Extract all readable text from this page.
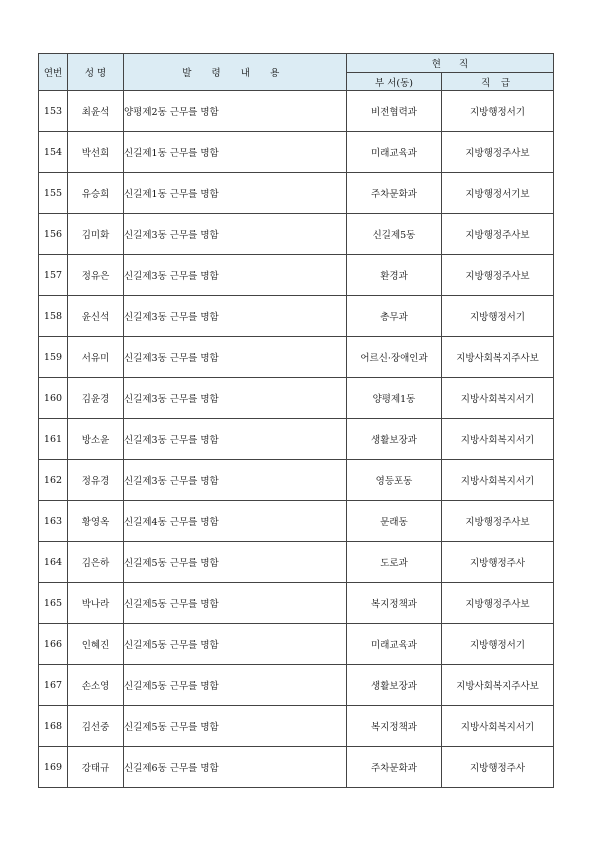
연번	성 명	발 령 내 용	현      직	
			부 서(동)	직 급
153	최윤석	양평제2동 근무를 명함	비전협력과	지방행정서기
154	박선희	신길제1동 근무를 명함	미래교육과	지방행정주사보
155	유승희	신길제1동 근무를 명함	주차문화과	지방행정서기보
156	김미화	신길제3동 근무를 명함	신길제5동	지방행정주사보
157	정유은	신길제3동 근무를 명함	환경과	지방행정주사보
158	윤신석	신길제3동 근무를 명함	총무과	지방행정서기
159	서유미	신길제3동 근무를 명함	어르신·장애인과	지방사회복지주사보
160	김윤경	신길제3동 근무를 명함	양평제1동	지방사회복지서기
161	방소윤	신길제3동 근무를 명함	생활보장과	지방사회복지서기
162	정유경	신길제3동 근무를 명함	영등포동	지방사회복지서기
163	황영옥	신길제4동 근무를 명함	문래동	지방행정주사보
164	김은하	신길제5동 근무를 명함	도로과	지방행정주사
165	박나라	신길제5동 근무를 명함	복지정책과	지방행정주사보
166	인혜진	신길제5동 근무를 명함	미래교육과	지방행정서기
167	손소영	신길제5동 근무를 명함	생활보장과	지방사회복지주사보
168	김선중	신길제5동 근무를 명함	복지정책과	지방사회복지서기
169	강태규	신길제6동 근무를 명함	주차문화과	지방행정주사
